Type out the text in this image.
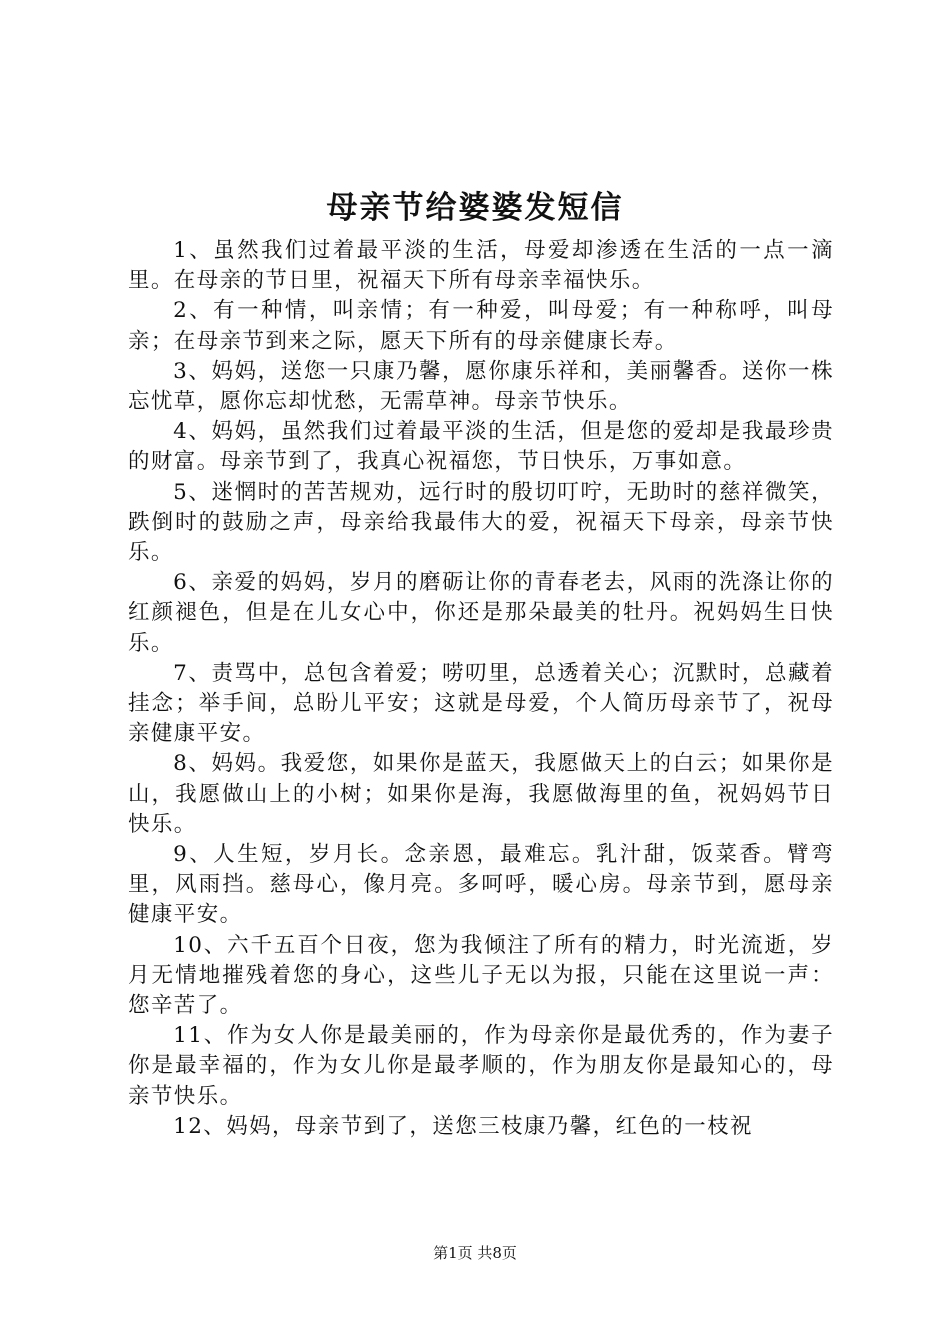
母亲节给婆婆发短信

1、虽然我们过着最平淡的生活，母爱却渗透在生活的一点一滴里。在母亲的节日里，祝福天下所有母亲幸福快乐。

2、有一种情，叫亲情；有一种爱，叫母爱；有一种称呼，叫母亲；在母亲节到来之际，愿天下所有的母亲健康长寿。

3、妈妈，送您一只康乃馨，愿你康乐祥和，美丽馨香。送你一株忘忧草，愿你忘却忧愁，无需草神。母亲节快乐。

4、妈妈，虽然我们过着最平淡的生活，但是您的爱却是我最珍贵的财富。母亲节到了，我真心祝福您，节日快乐，万事如意。

5、迷惘时的苦苦规劝，远行时的殷切叮咛，无助时的慈祥微笑，跌倒时的鼓励之声，母亲给我最伟大的爱，祝福天下母亲，母亲节快乐。

6、亲爱的妈妈，岁月的磨砺让你的青春老去，风雨的洗涤让你的红颜褪色，但是在儿女心中，你还是那朵最美的牡丹。祝妈妈生日快乐。

7、责骂中，总包含着爱；唠叨里，总透着关心；沉默时，总藏着挂念；举手间，总盼儿平安；这就是母爱，个人简历母亲节了，祝母亲健康平安。

8、妈妈。我爱您，如果你是蓝天，我愿做天上的白云；如果你是山，我愿做山上的小树；如果你是海，我愿做海里的鱼，祝妈妈节日快乐。

9、人生短，岁月长。念亲恩，最难忘。乳汁甜，饭菜香。臂弯里，风雨挡。慈母心，像月亮。多呵呼，暖心房。母亲节到，愿母亲健康平安。

10、六千五百个日夜，您为我倾注了所有的精力，时光流逝，岁月无情地摧残着您的身心，这些儿子无以为报，只能在这里说一声：您辛苦了。

11、作为女人你是最美丽的，作为母亲你是最优秀的，作为妻子你是最幸福的，作为女儿你是最孝顺的，作为朋友你是最知心的，母亲节快乐。

12、妈妈，母亲节到了，送您三枝康乃馨，红色的一枝祝

第1页 共8页
